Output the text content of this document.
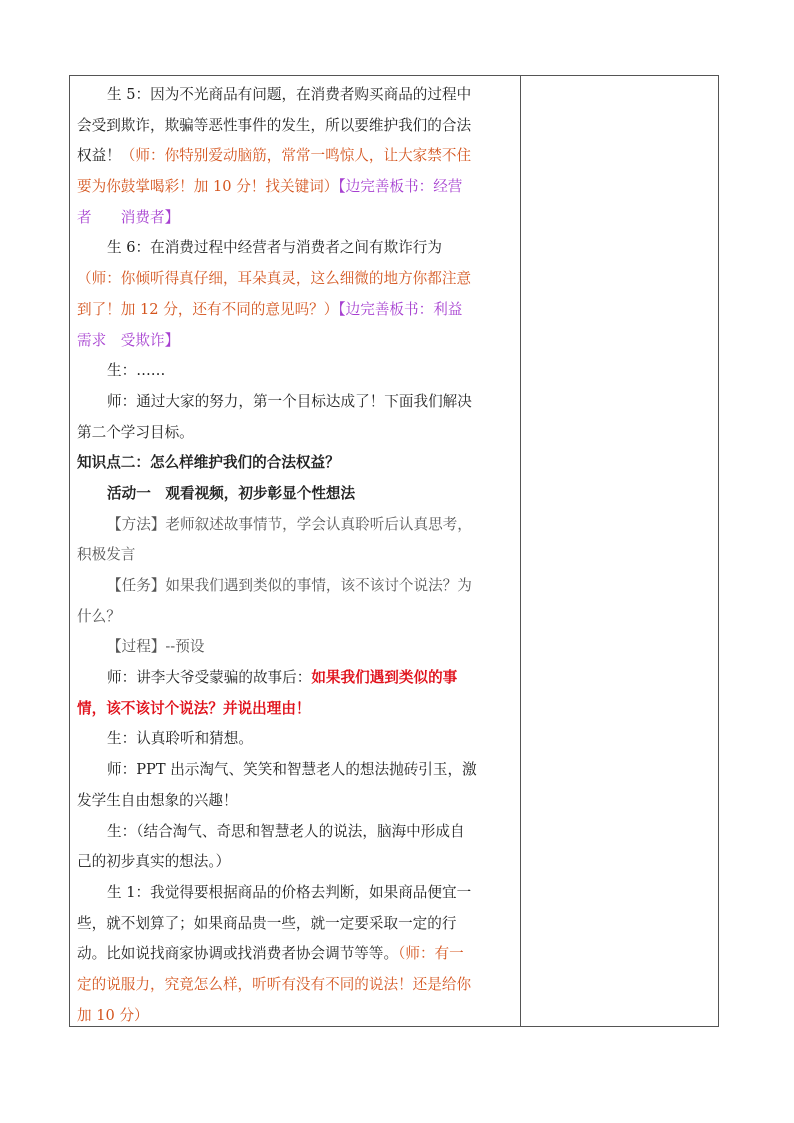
生 5：因为不光商品有问题，在消费者购买商品的过程中
会受到欺诈，欺骗等恶性事件的发生，所以要维护我们的合法
权益！（师：你特别爱动脑筋，常常一鸣惊人，让大家禁不住
要为你鼓掌喝彩！加 10 分！找关键词）【边完善板书：经营
者　　消费者】
生 6：在消费过程中经营者与消费者之间有欺诈行为
（师：你倾听得真仔细，耳朵真灵，这么细微的地方你都注意
到了！加 12 分，还有不同的意见吗？）【边完善板书：利益
需求　受欺诈】
生：……
师：通过大家的努力，第一个目标达成了！下面我们解决
第二个学习目标。
知识点二：怎么样维护我们的合法权益？
活动一　观看视频，初步彰显个性想法
【方法】老师叙述故事情节，学会认真聆听后认真思考，
积极发言
【任务】如果我们遇到类似的事情，该不该讨个说法？为
什么？
【过程】--预设
师：讲李大爷受蒙骗的故事后：如果我们遇到类似的事
情，该不该讨个说法？并说出理由！
生：认真聆听和猜想。
师：PPT 出示淘气、笑笑和智慧老人的想法抛砖引玉，激
发学生自由想象的兴趣！
生：（结合淘气、奇思和智慧老人的说法，脑海中形成自
己的初步真实的想法。）
生 1：我觉得要根据商品的价格去判断，如果商品便宜一
些，就不划算了；如果商品贵一些，就一定要采取一定的行
动。比如说找商家协调或找消费者协会调节等等。（师：有一
定的说服力，究竟怎么样，听听有没有不同的说法！还是给你
加 10 分）
